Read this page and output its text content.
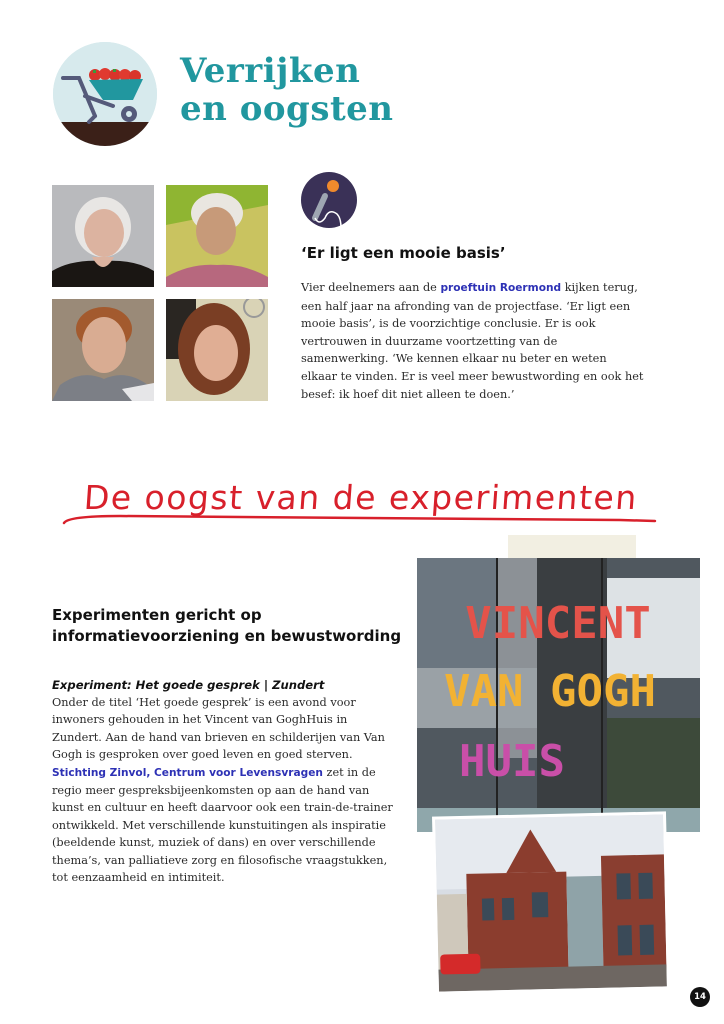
Verrijken
en oogsten
‘Er ligt een mooie basis’
Vier deelnemers aan de proeftuin Roermond kijken terug, een half jaar na afronding van de projectfase. ‘Er ligt een mooie basis’, is de voorzichtige conclusie. Er is ook vertrouwen in duurzame voortzetting van de samenwerking. ‘We kennen elkaar nu beter en weten elkaar te vinden. Er is veel meer bewustwording en ook het besef: ik hoef dit niet alleen te doen.’
De oogst van de experimenten
VINCENT
VAN GOGH
HUIS
Experimenten gericht op
informatievoorziening en bewustwording
Experiment: Het goede gesprek | Zundert
Onder de titel ‘Het goede gesprek’ is een avond voor inwoners gehouden in het Vincent van GoghHuis in Zundert. Aan de hand van brieven en schilderijen van Van Gogh is gesproken over goed leven en goed sterven. Stichting Zinvol, Centrum voor Levensvragen zet in de regio meer gespreksbijeenkomsten op aan de hand van kunst en cultuur en heeft daarvoor ook een train-de-trainer ontwikkeld. Met verschillende kunstuitingen als inspiratie (beeldende kunst, muziek of dans) en over verschillende thema’s, van palliatieve zorg en filosofische vraagstukken, tot eenzaamheid en intimiteit.
14
